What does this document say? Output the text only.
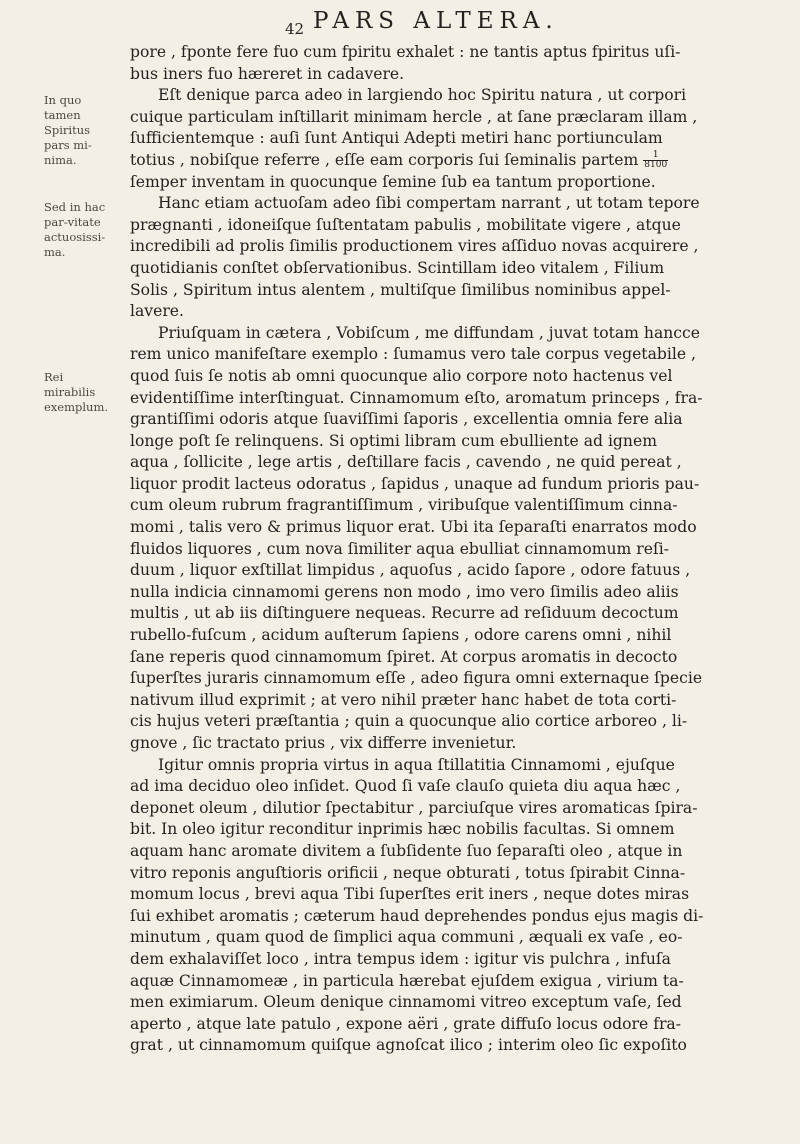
42 PARS ALTERA.
In quo tamen Spiritus pars mi-nima.
Sed in hac par-vitate actuosissi-ma.
Rei mirabilis exemplum.
pore , fponte fere fuo cum fpiritu exhalet : ne tantis aptus fpiritus uſi-
bus iners fuo hæreret in cadavere.
Eſt denique parca adeo in largiendo hoc Spiritu natura , ut corpori
cuique particulam inſtillarit minimam hercle , at ſane præclaram illam ,
ſufficientemque : auſi ſunt Antiqui Adepti metiri hanc portiunculam
totius , nobiſque referre , eſſe eam corporis ſui ſeminalis partem $\frac{1}{8100}$
ſemper inventam in quocunque ſemine ſub ea tantum proportione.
Hanc etiam actuoſam adeo ſibi compertam narrant , ut totam tepore
prægnanti , idoneiſque ſuſtentatam pabulis , mobilitate vigere , atque
incredibili ad prolis ſimilis productionem vires aſſiduo novas acquirere ,
quotidianis conſtet obſervationibus. Scintillam ideo vitalem , Filium
Solis , Spiritum intus alentem , multiſque ſimilibus nominibus appel-
lavere.
Priuſquam in cætera , Vobiſcum , me diffundam , juvat totam hancce
rem unico manifeſtare exemplo : ſumamus vero tale corpus vegetabile ,
quod ſuis ſe notis ab omni quocunque alio corpore noto hactenus vel
evidentiſſime interſtinguat. Cinnamomum eſto, aromatum princeps , fra-
grantiſſimi odoris atque ſuaviſſimi ſaporis , excellentia omnia fere alia
longe poſt ſe relinquens. Si optimi libram cum ebulliente ad ignem
aqua , ſollicite , lege artis , deſtillare facis , cavendo , ne quid pereat ,
liquor prodit lacteus odoratus , ſapidus , unaque ad fundum prioris pau-
cum oleum rubrum fragrantiſſimum , viribuſque valentiſſimum cinna-
momi , talis vero & primus liquor erat. Ubi ita ſeparaſti enarratos modo
fluidos liquores , cum nova ſimiliter aqua ebulliat cinnamomum reſi-
duum , liquor exſtillat limpidus , aquoſus , acido ſapore , odore fatuus ,
nulla indicia cinnamomi gerens non modo , imo vero ſimilis adeo aliis
multis , ut ab iis diſtinguere nequeas. Recurre ad reſiduum decoctum
rubello-fuſcum , acidum auſterum ſapiens , odore carens omni , nihil
ſane reperis quod cinnamomum ſpiret. At corpus aromatis in decocto
ſuperſtes juraris cinnamomum eſſe , adeo figura omni externaque ſpecie
nativum illud exprimit ; at vero nihil præter hanc habet de tota corti-
cis hujus veteri præſtantia ; quin a quocunque alio cortice arboreo , li-
gnove , ſic tractato prius , vix differre invenietur.
Igitur omnis propria virtus in aqua ſtillatitia Cinnamomi , ejuſque
ad ima deciduo oleo inſidet. Quod ſi vaſe clauſo quieta diu aqua hæc ,
deponet oleum , dilutior ſpectabitur , parciuſque vires aromaticas ſpira-
bit. In oleo igitur reconditur inprimis hæc nobilis facultas. Si omnem
aquam hanc aromate divitem a ſubſidente ſuo ſeparaſti oleo , atque in
vitro reponis anguſtioris orificii , neque obturati , totus ſpirabit Cinna-
momum locus , brevi aqua Tibi ſuperſtes erit iners , neque dotes miras
ſui exhibet aromatis ; cæterum haud deprehendes pondus ejus magis di-
minutum , quam quod de ſimplici aqua communi , æquali ex vaſe , eo-
dem exhalaviſſet loco , intra tempus idem : igitur vis pulchra , infuſa
aquæ Cinnamomeæ , in particula hærebat ejuſdem exigua , virium ta-
men eximiarum. Oleum denique cinnamomi vitreo exceptum vaſe, ſed
aperto , atque late patulo , expone aëri , grate diffuſo locus odore fra-
grat , ut cinnamomum quiſque agnoſcat ilico ; interim oleo ſic expoſito
